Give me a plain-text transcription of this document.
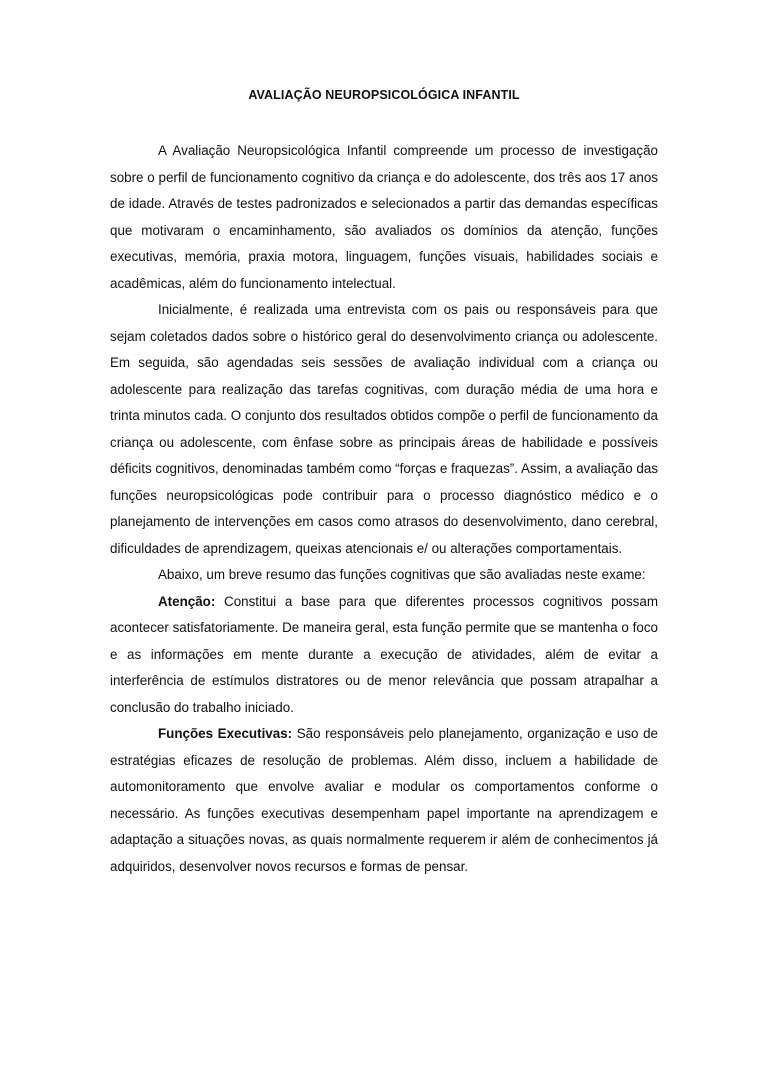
AVALIAÇÃO NEUROPSICOLÓGICA INFANTIL

A Avaliação Neuropsicológica Infantil compreende um processo de investigação sobre o perfil de funcionamento cognitivo da criança e do adolescente, dos três aos 17 anos de idade. Através de testes padronizados e selecionados a partir das demandas específicas que motivaram o encaminhamento, são avaliados os domínios da atenção, funções executivas, memória, praxia motora, linguagem, funções visuais, habilidades sociais e acadêmicas, além do funcionamento intelectual.

Inicialmente, é realizada uma entrevista com os pais ou responsáveis para que sejam coletados dados sobre o histórico geral do desenvolvimento criança ou adolescente. Em seguida, são agendadas seis sessões de avaliação individual com a criança ou adolescente para realização das tarefas cognitivas, com duração média de uma hora e trinta minutos cada. O conjunto dos resultados obtidos compõe o perfil de funcionamento da criança ou adolescente, com ênfase sobre as principais áreas de habilidade e possíveis déficits cognitivos, denominadas também como “forças e fraquezas”. Assim, a avaliação das funções neuropsicológicas pode contribuir para o processo diagnóstico médico e o planejamento de intervenções em casos como atrasos do desenvolvimento, dano cerebral, dificuldades de aprendizagem, queixas atencionais e/ ou alterações comportamentais.

Abaixo, um breve resumo das funções cognitivas que são avaliadas neste exame:

Atenção: Constitui a base para que diferentes processos cognitivos possam acontecer satisfatoriamente. De maneira geral, esta função permite que se mantenha o foco e as informações em mente durante a execução de atividades, além de evitar a interferência de estímulos distratores ou de menor relevância que possam atrapalhar a conclusão do trabalho iniciado.

Funções Executivas: São responsáveis pelo planejamento, organização e uso de estratégias eficazes de resolução de problemas. Além disso, incluem a habilidade de automonitoramento que envolve avaliar e modular os comportamentos conforme o necessário. As funções executivas desempenham papel importante na aprendizagem e adaptação a situações novas, as quais normalmente requerem ir além de conhecimentos já adquiridos, desenvolver novos recursos e formas de pensar.
